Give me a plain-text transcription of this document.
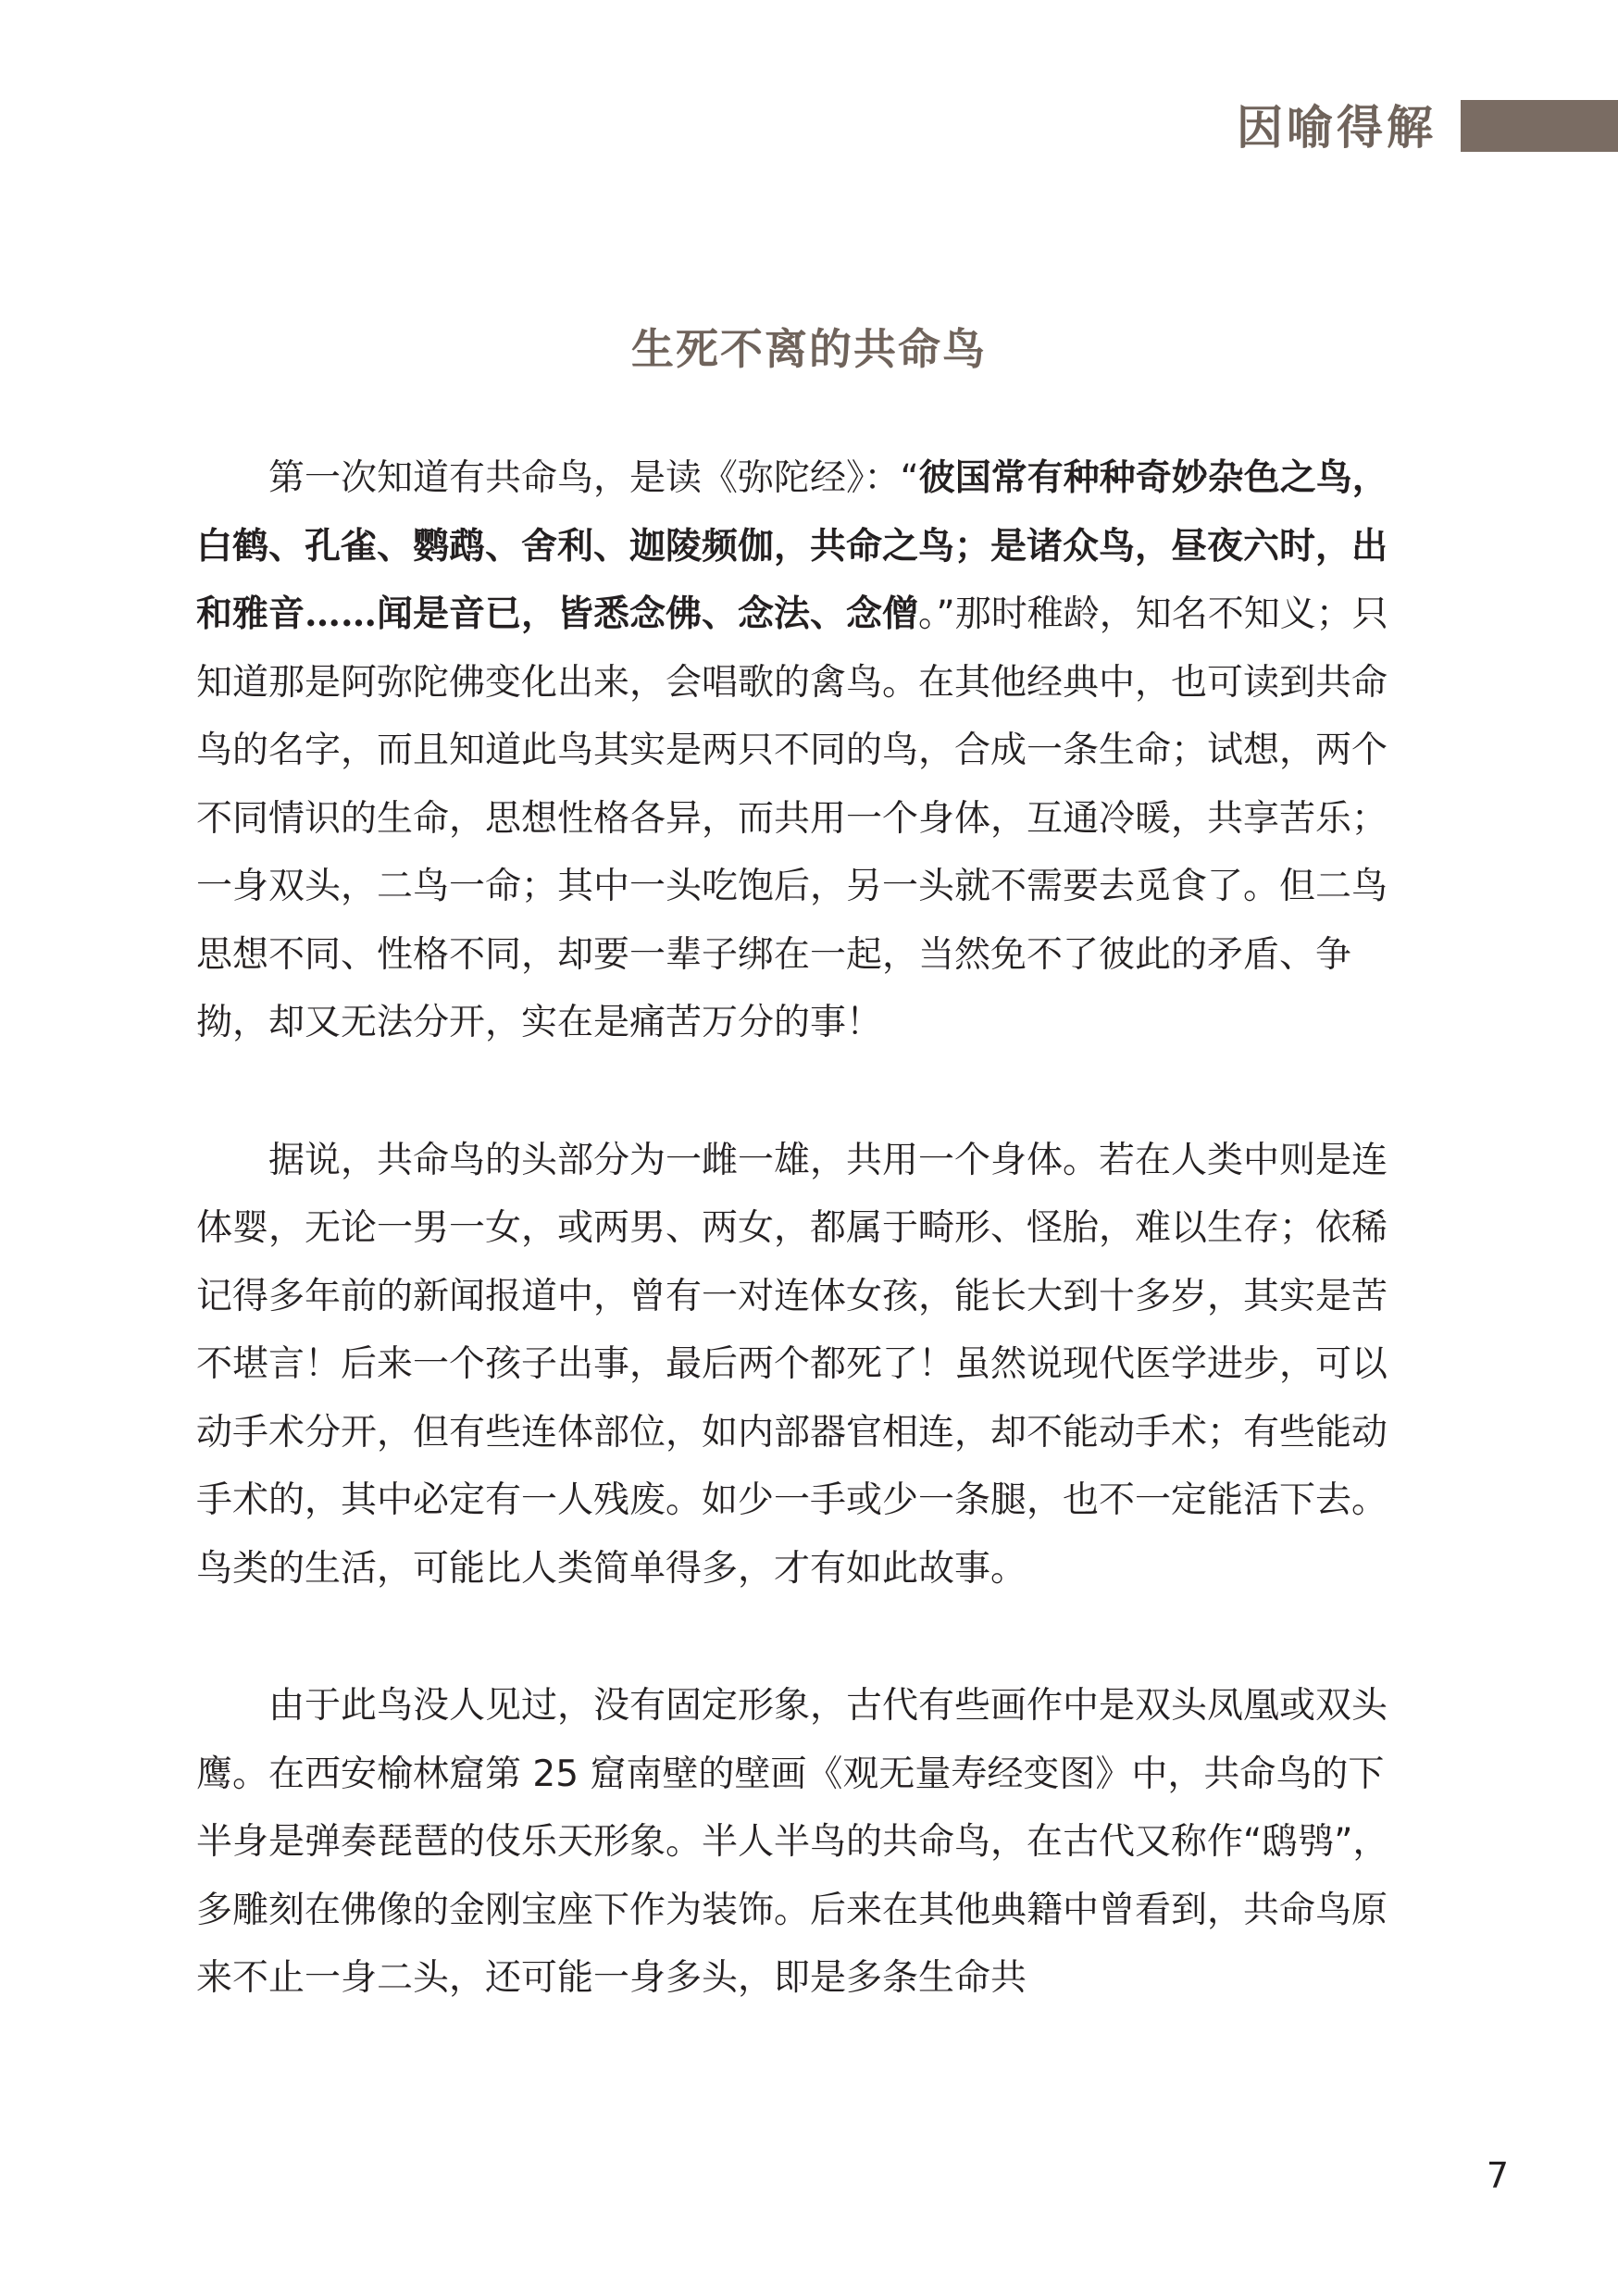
因喻得解
生死不离的共命鸟

　　第一次知道有共命鸟，是读《弥陀经》：“彼国常有种种奇妙杂色之鸟，白鹤、孔雀、鹦鹉、舍利、迦陵频伽，共命之鸟；是诸众鸟，昼夜六时，出和雅音……闻是音已，皆悉念佛、念法、念僧。”那时稚龄，知名不知义；只知道那是阿弥陀佛变化出来，会唱歌的禽鸟。在其他经典中，也可读到共命鸟的名字，而且知道此鸟其实是两只不同的鸟，合成一条生命；试想，两个不同情识的生命，思想性格各异，而共用一个身体，互通冷暖，共享苦乐；一身双头，二鸟一命；其中一头吃饱后，另一头就不需要去觅食了。但二鸟思想不同、性格不同，却要一辈子绑在一起，当然免不了彼此的矛盾、争拗，却又无法分开，实在是痛苦万分的事！

　　据说，共命鸟的头部分为一雌一雄，共用一个身体。若在人类中则是连体婴，无论一男一女，或两男、两女，都属于畸形、怪胎，难以生存；依稀记得多年前的新闻报道中，曾有一对连体女孩，能长大到十多岁，其实是苦不堪言！后来一个孩子出事，最后两个都死了！虽然说现代医学进步，可以动手术分开，但有些连体部位，如内部器官相连，却不能动手术；有些能动手术的，其中必定有一人残废。如少一手或少一条腿，也不一定能活下去。鸟类的生活，可能比人类简单得多，才有如此故事。

　　由于此鸟没人见过，没有固定形象，古代有些画作中是双头凤凰或双头鹰。在西安榆林窟第 25 窟南壁的壁画《观无量寿经变图》中，共命鸟的下半身是弹奏琵琶的伎乐天形象。半人半鸟的共命鸟，在古代又称作“鸱鸮”，多雕刻在佛像的金刚宝座下作为装饰。后来在其他典籍中曾看到，共命鸟原来不止一身二头，还可能一身多头，即是多条生命共

7
